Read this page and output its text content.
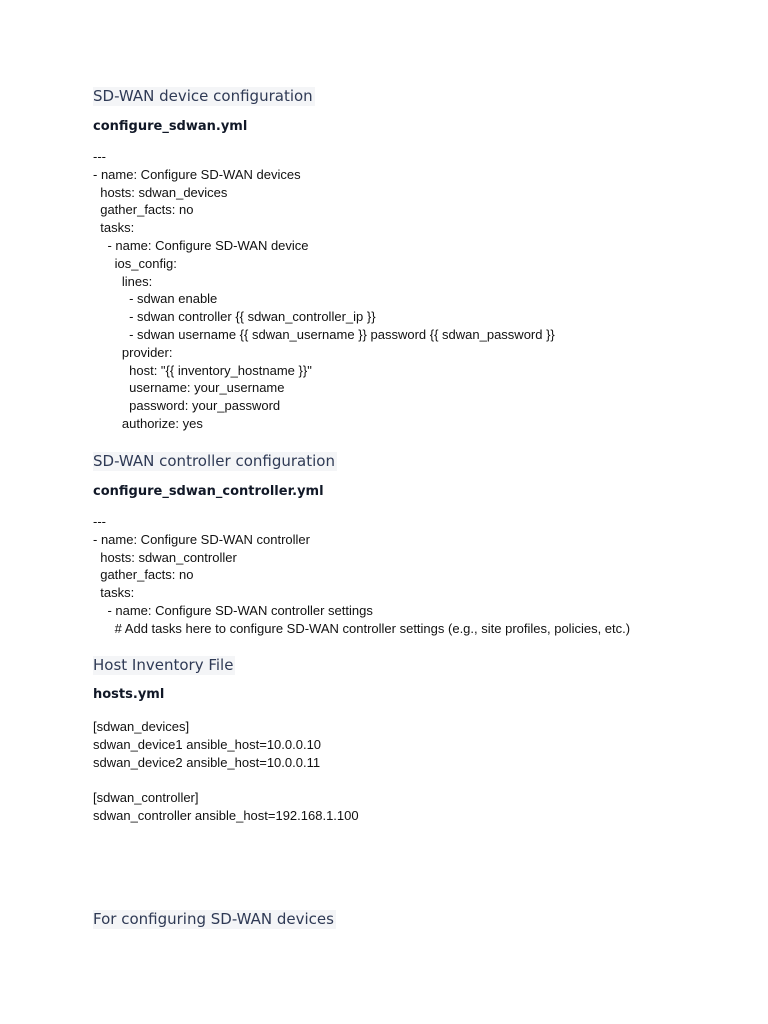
SD-WAN device configuration
configure_sdwan.yml
---
- name: Configure SD-WAN devices
hosts: sdwan_devices
gather_facts: no
tasks:
- name: Configure SD-WAN device
ios_config:
lines:
- sdwan enable
- sdwan controller {{ sdwan_controller_ip }}
- sdwan username {{ sdwan_username }} password {{ sdwan_password }}
provider:
host: "{{ inventory_hostname }}"
username: your_username
password: your_password
authorize: yes
SD-WAN controller configuration
configure_sdwan_controller.yml
---
- name: Configure SD-WAN controller
hosts: sdwan_controller
gather_facts: no
tasks:
- name: Configure SD-WAN controller settings
# Add tasks here to configure SD-WAN controller settings (e.g., site profiles, policies, etc.)
Host Inventory File
hosts.yml
[sdwan_devices]
sdwan_device1 ansible_host=10.0.0.10
sdwan_device2 ansible_host=10.0.0.11

[sdwan_controller]
sdwan_controller ansible_host=192.168.1.100
For configuring SD-WAN devices
